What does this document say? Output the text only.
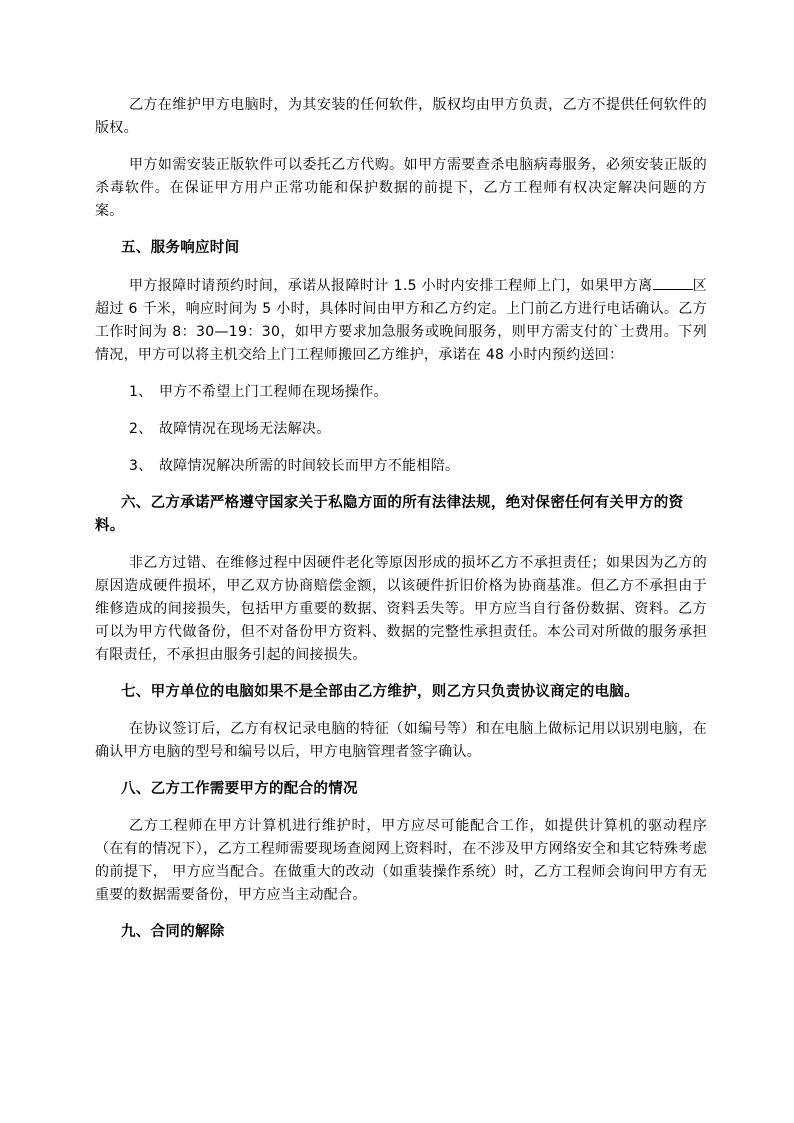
乙方在维护甲方电脑时，为其安装的任何软件，版权均由甲方负责，乙方不提供任何软件的版权。

甲方如需安装正版软件可以委托乙方代购。如甲方需要查杀电脑病毒服务，必须安装正版的杀毒软件。在保证甲方用户正常功能和保护数据的前提下，乙方工程师有权决定解决问题的方案。

五、服务响应时间

甲方报障时请预约时间，承诺从报障时计 1.5 小时内安排工程师上门，如果甲方离	区超过 6 千米，响应时间为 5 小时，具体时间由甲方和乙方约定。上门前乙方进行电话确认。乙方工作时间为 8：30—19：30，如甲方要求加急服务或晚间服务，则甲方需支付的`士费用。下列情况，甲方可以将主机交给上门工程师搬回乙方维护，承诺在 48 小时内预约送回：

1、 甲方不希望上门工程师在现场操作。

2、 故障情况在现场无法解决。

3、 故障情况解决所需的时间较长而甲方不能相陪。

六、乙方承诺严格遵守国家关于私隐方面的所有法律法规，绝对保密任何有关甲方的资料。

非乙方过错、在维修过程中因硬件老化等原因形成的损坏乙方不承担责任；如果因为乙方的原因造成硬件损坏，甲乙双方协商赔偿金额，以该硬件折旧价格为协商基准。但乙方不承担由于维修造成的间接损失，包括甲方重要的数据、资料丢失等。甲方应当自行备份数据、资料。乙方可以为甲方代做备份，但不对备份甲方资料、数据的完整性承担责任。本公司对所做的服务承担有限责任，不承担由服务引起的间接损失。

七、甲方单位的电脑如果不是全部由乙方维护，则乙方只负责协议商定的电脑。

在协议签订后，乙方有权记录电脑的特征（如编号等）和在电脑上做标记用以识别电脑，在确认甲方电脑的型号和编号以后，甲方电脑管理者签字确认。

八、乙方工作需要甲方的配合的情况

乙方工程师在甲方计算机进行维护时，甲方应尽可能配合工作，如提供计算机的驱动程序（在有的情况下），乙方工程师需要现场查阅网上资料时，在不涉及甲方网络安全和其它特殊考虑的前提下， 甲方应当配合。在做重大的改动（如重装操作系统）时，乙方工程师会询问甲方有无重要的数据需要备份，甲方应当主动配合。

九、合同的解除
